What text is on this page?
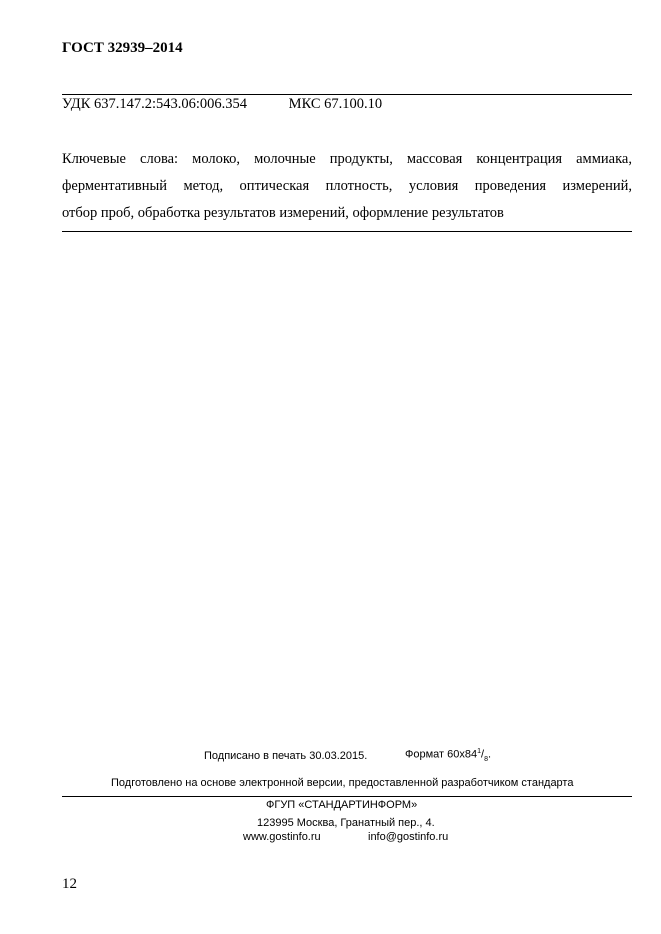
ГОСТ 32939–2014
УДК 637.147.2:543.06:006.354	МКС 67.100.10
Ключевые слова: молоко, молочные продукты, массовая концентрация аммиака,
ферментативный метод, оптическая плотность, условия проведения измерений,
отбор проб, обработка результатов измерений, оформление результатов
Подписано в печать 30.03.2015.	Формат $60х84^1/_8$.
Подготовлено на основе электронной версии, предоставленной разработчиком стандарта
ФГУП «СТАНДАРТИНФОРМ»
123995 Москва, Гранатный пер., 4.
www.gostinfo.ru	info@gostinfo.ru
12
